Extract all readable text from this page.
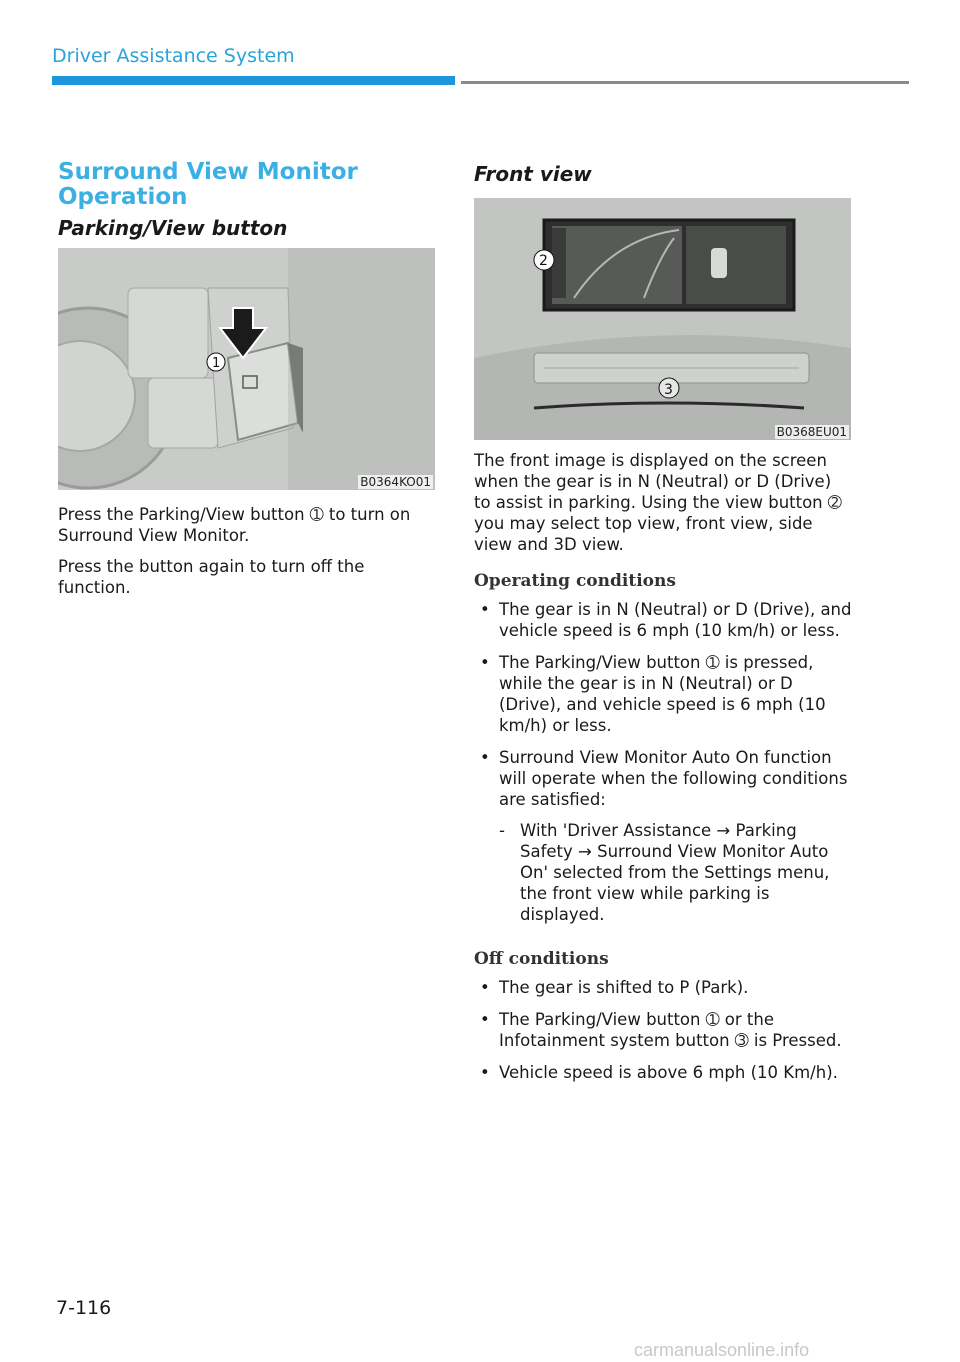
Driver Assistance System
Surround View Monitor Operation
Parking/View button
1
B0364KO01

Press the Parking/View button ➀ to turn on Surround View Monitor.

Press the button again to turn off the function.

Front view
2
3
B0368EU01

The front image is displayed on the screen when the gear is in N (Neutral) or D (Drive) to assist in parking. Using the view button ➁ you may select top view, front view, side view and 3D view.

Operating conditions
• The gear is in N (Neutral) or D (Drive), and vehicle speed is 6 mph (10 km/h) or less.
• The Parking/View button ➀ is pressed, while the gear is in N (Neutral) or D (Drive), and vehicle speed is 6 mph (10 km/h) or less.
• Surround View Monitor Auto On function will operate when the following conditions are satisfied:
- With 'Driver Assistance → Parking Safety → Surround View Monitor Auto On' selected from the Settings menu, the front view while parking is displayed.
Off conditions
• The gear is shifted to P (Park).
• The Parking/View button ➀ or the Infotainment system button ➂ is Pressed.
• Vehicle speed is above 6 mph (10 Km/h).
7-116
carmanualsonline.info
